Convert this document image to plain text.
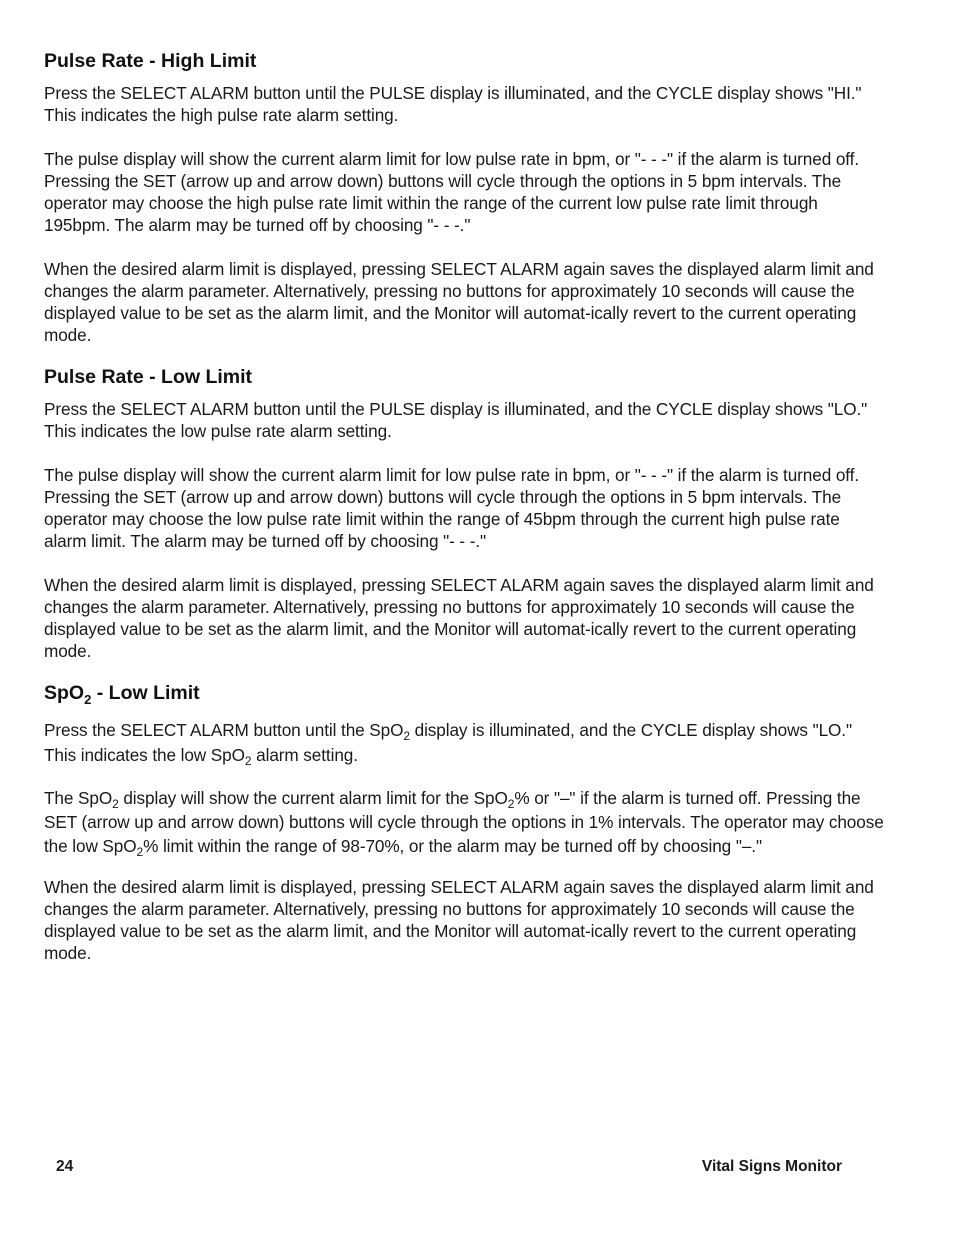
Pulse Rate - High Limit

Press the SELECT ALARM button until the PULSE display is illuminated, and the CYCLE display shows "HI." This indicates the high pulse rate alarm setting.

The pulse display will show the current alarm limit for low pulse rate in bpm, or "- - -" if the alarm is turned off. Pressing the SET (arrow up and arrow down) buttons will cycle through the options in 5 bpm intervals. The operator may choose the high pulse rate limit within the range of the current low pulse rate limit through 195bpm. The alarm may be turned off by choosing "- - -."

When the desired alarm limit is displayed, pressing SELECT ALARM again saves the displayed alarm limit and changes the alarm parameter. Alternatively, pressing no buttons for approximately 10 seconds will cause the displayed value to be set as the alarm limit, and the Monitor will automat-ically revert to the current operating mode.

Pulse Rate - Low Limit

Press the SELECT ALARM button until the PULSE display is illuminated, and the CYCLE display shows "LO." This indicates the low pulse rate alarm setting.

The pulse display will show the current alarm limit for low pulse rate in bpm, or "- - -" if the alarm is turned off. Pressing the SET (arrow up and arrow down) buttons will cycle through the options in 5 bpm intervals. The operator may choose the low pulse rate limit within the range of 45bpm through the current high pulse rate alarm limit. The alarm may be turned off by choosing "- - -."

When the desired alarm limit is displayed, pressing SELECT ALARM again saves the displayed alarm limit and changes the alarm parameter. Alternatively, pressing no buttons for approximately 10 seconds will cause the displayed value to be set as the alarm limit, and the Monitor will automat-ically revert to the current operating mode.

SpO$_2$ - Low Limit

Press the SELECT ALARM button until the SpO$_2$ display is illuminated, and the CYCLE display shows "LO." This indicates the low SpO$_2$ alarm setting.

The SpO$_2$ display will show the current alarm limit for the SpO$_2$% or "–" if the alarm is turned off. Pressing the SET (arrow up and arrow down) buttons will cycle through the options in 1% intervals. The operator may choose the low SpO$_2$% limit within the range of 98-70%, or the alarm may be turned off by choosing "–."

When the desired alarm limit is displayed, pressing SELECT ALARM again saves the displayed alarm limit and changes the alarm parameter. Alternatively, pressing no buttons for approximately 10 seconds will cause the displayed value to be set as the alarm limit, and the Monitor will automat-ically revert to the current operating mode.

24	Vital Signs Monitor
